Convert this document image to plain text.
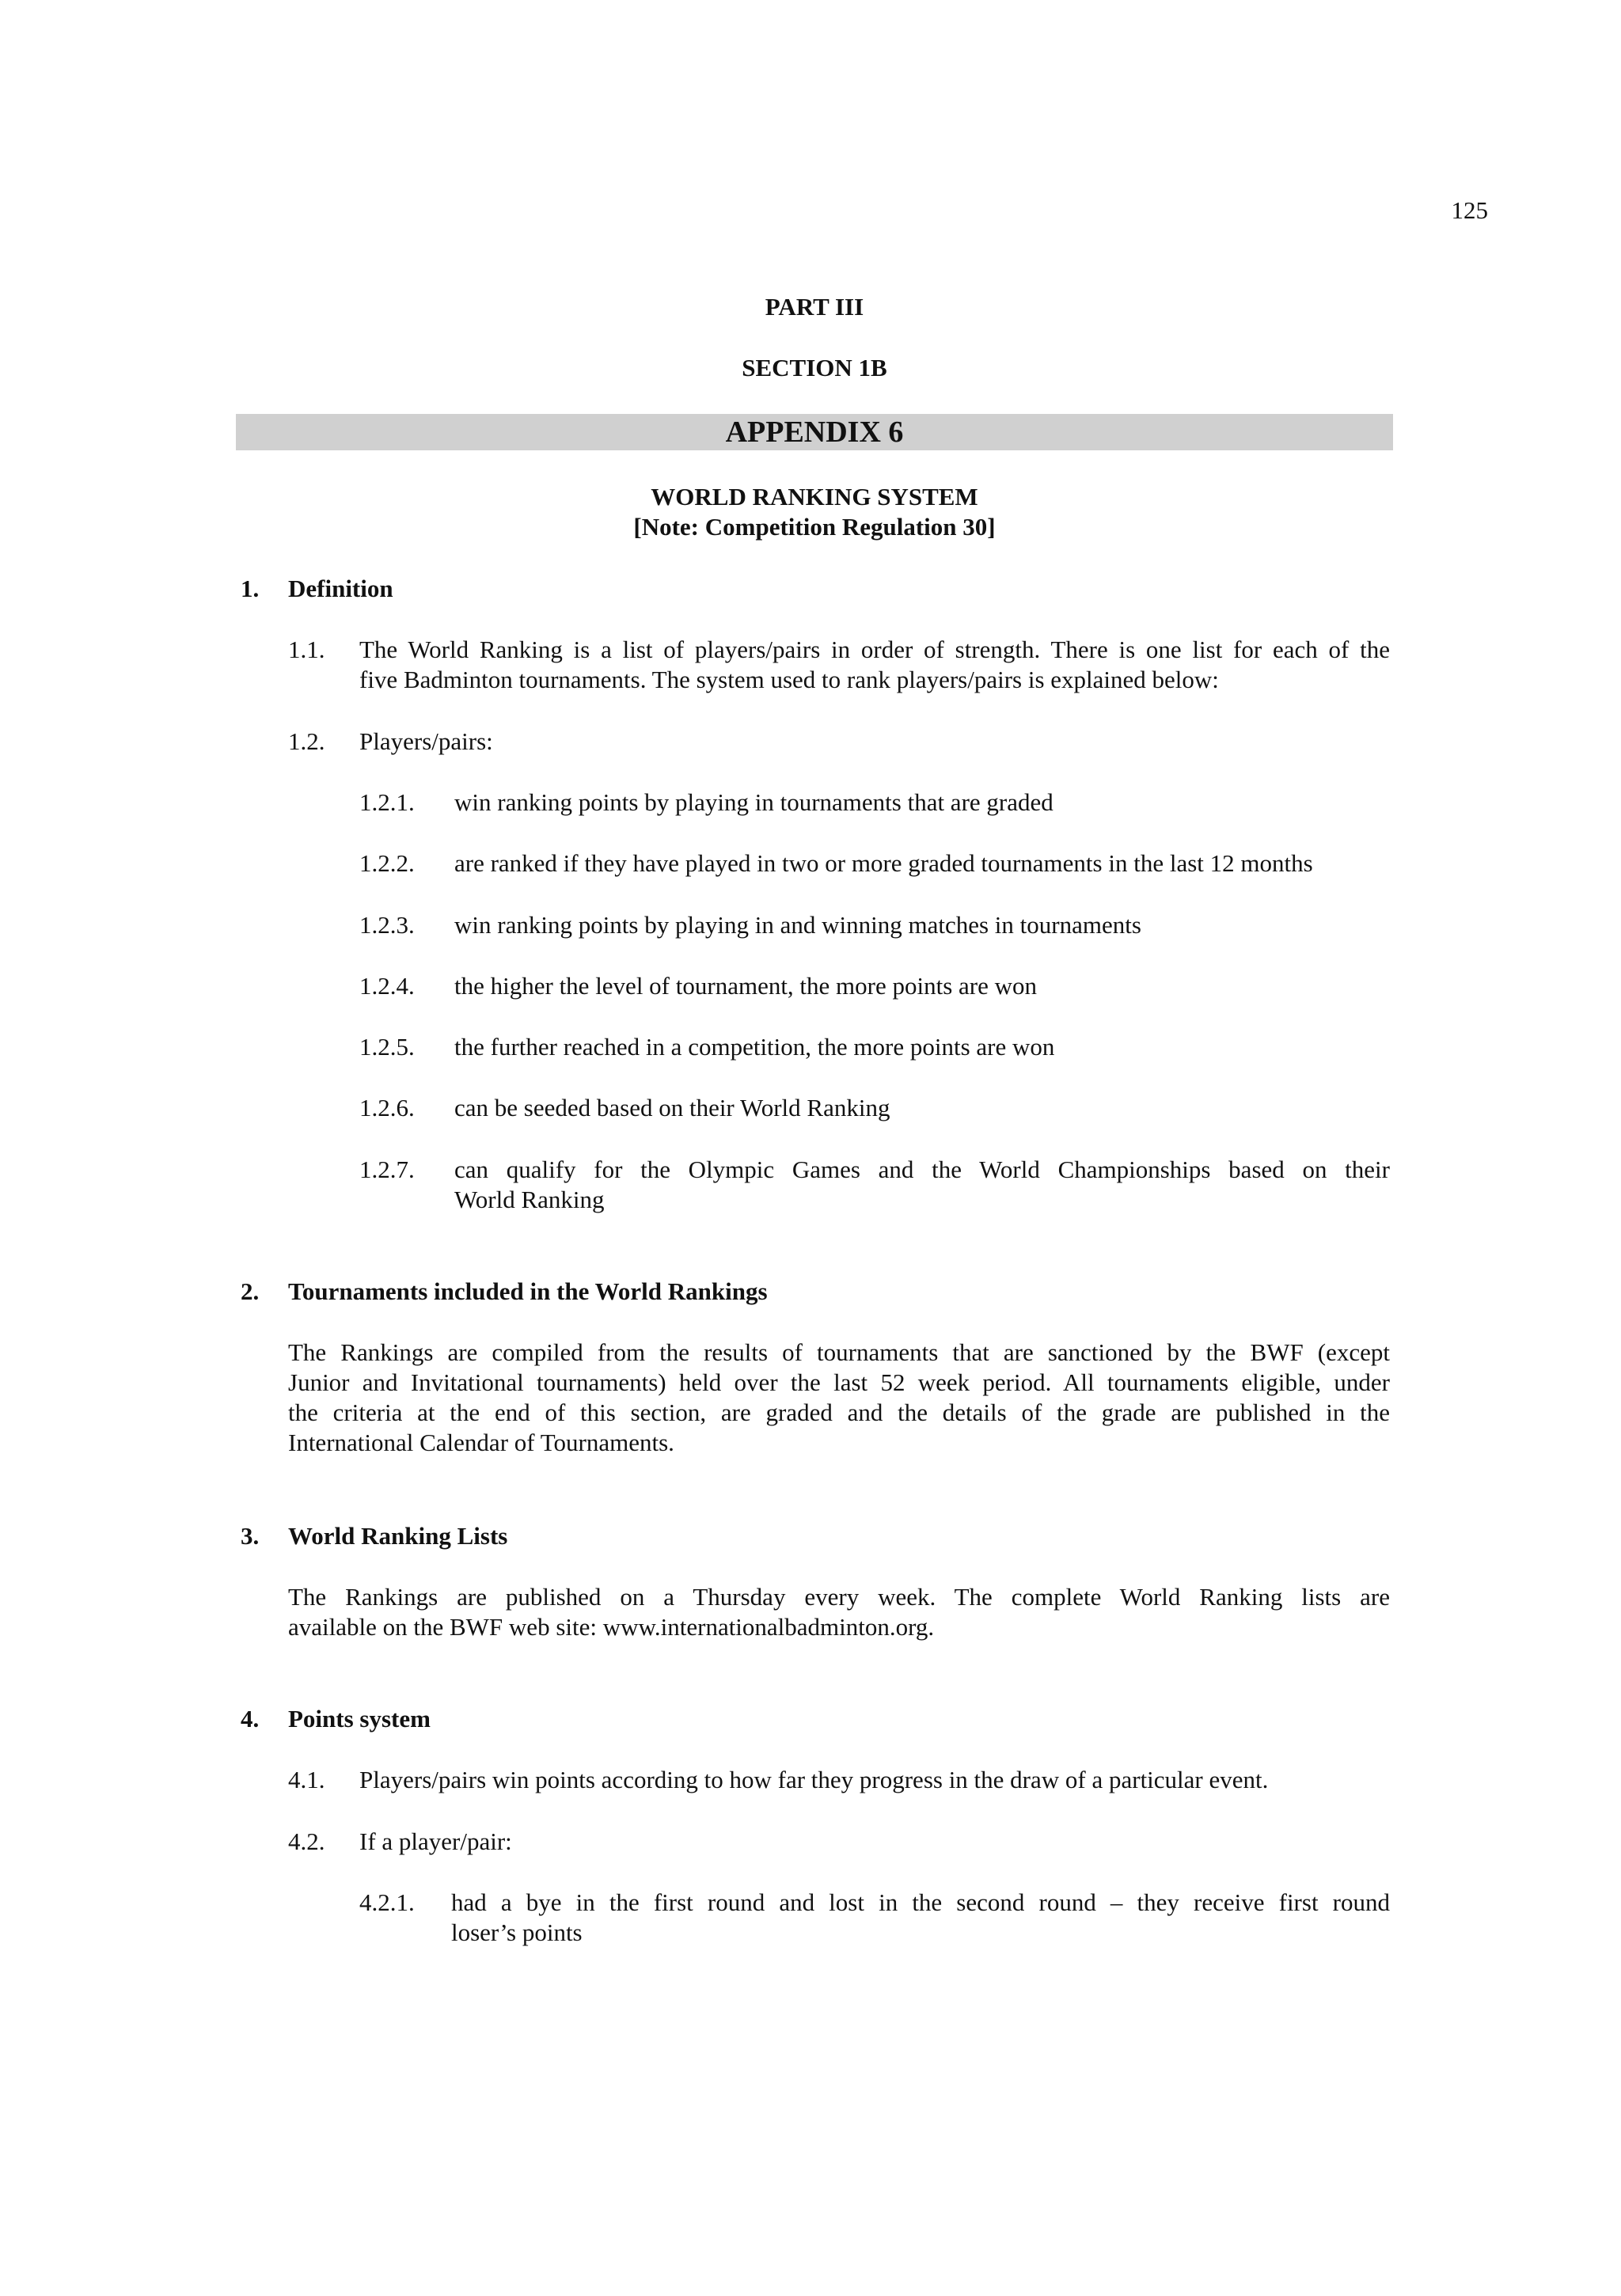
125
PART III
SECTION 1B
APPENDIX 6
WORLD RANKING SYSTEM
[Note: Competition Regulation 30]
1. Definition
1.1. The World Ranking is a list of players/pairs in order of strength. There is one list for each of the
five Badminton tournaments. The system used to rank players/pairs is explained below:
1.2. Players/pairs:
1.2.1. win ranking points by playing in tournaments that are graded
1.2.2. are ranked if they have played in two or more graded tournaments in the last 12 months
1.2.3. win ranking points by playing in and winning matches in tournaments
1.2.4. the higher the level of tournament, the more points are won
1.2.5. the further reached in a competition, the more points are won
1.2.6. can be seeded based on their World Ranking
1.2.7. can qualify for the Olympic Games and the World Championships based on their
World Ranking
2. Tournaments included in the World Rankings
The Rankings are compiled from the results of tournaments that are sanctioned by the BWF (except
Junior and Invitational tournaments) held over the last 52 week period. All tournaments eligible, under
the criteria at the end of this section, are graded and the details of the grade are published in the
International Calendar of Tournaments.
3. World Ranking Lists
The Rankings are published on a Thursday every week. The complete World Ranking lists are
available on the BWF web site: www.internationalbadminton.org.
4. Points system
4.1. Players/pairs win points according to how far they progress in the draw of a particular event.
4.2. If a player/pair:
4.2.1. had a bye in the first round and lost in the second round – they receive first round
loser’s points
